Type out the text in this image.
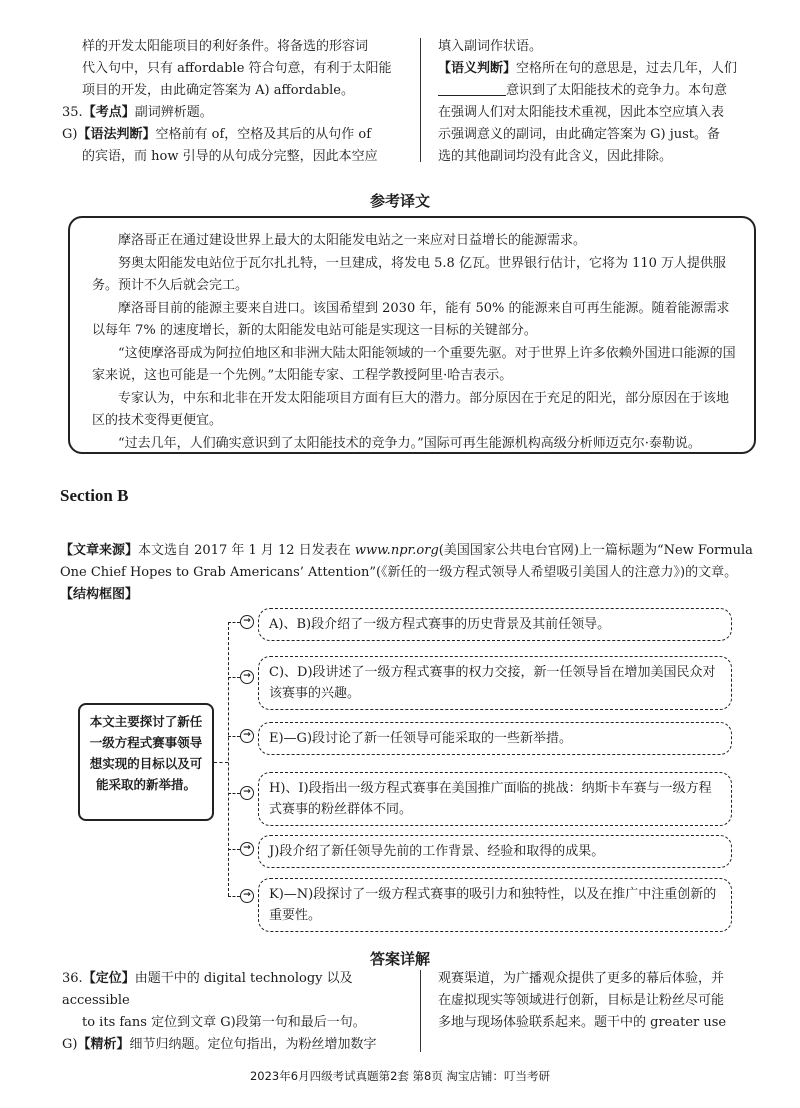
样的开发太阳能项目的利好条件。将备选的形容词
代入句中，只有 affordable 符合句意，有利于太阳能
项目的开发，由此确定答案为 A) affordable。
35.【考点】副词辨析题。
G)【语法判断】空格前有 of，空格及其后的从句作 of
的宾语，而 how 引导的从句成分完整，因此本空应
填入副词作状语。
【语义判断】空格所在句的意思是，过去几年，人们
意识到了太阳能技术的竞争力。本句意
在强调人们对太阳能技术重视，因此本空应填入表
示强调意义的副词，由此确定答案为 G) just。备
选的其他副词均没有此含义，因此排除。
参考译文

摩洛哥正在通过建设世界上最大的太阳能发电站之一来应对日益增长的能源需求。

努奥太阳能发电站位于瓦尔扎扎特，一旦建成，将发电 5.8 亿瓦。世界银行估计，它将为 110 万人提供服务。预计不久后就会完工。

摩洛哥目前的能源主要来自进口。该国希望到 2030 年，能有 50% 的能源来自可再生能源。随着能源需求以每年 7% 的速度增长，新的太阳能发电站可能是实现这一目标的关键部分。

“这使摩洛哥成为阿拉伯地区和非洲大陆太阳能领域的一个重要先驱。对于世界上许多依赖外国进口能源的国家来说，这也可能是一个先例。”太阳能专家、工程学教授阿里·哈吉表示。

专家认为，中东和北非在开发太阳能项目方面有巨大的潜力。部分原因在于充足的阳光，部分原因在于该地区的技术变得更便宜。

“过去几年，人们确实意识到了太阳能技术的竞争力。”国际可再生能源机构高级分析师迈克尔·泰勒说。

Section B
【文章来源】本文选自 2017 年 1 月 12 日发表在 www.npr.org(美国国家公共电台官网)上一篇标题为“New Formula One Chief Hopes to Grab Americans’ Attention”(《新任的一级方程式领导人希望吸引美国人的注意力》)的文章。
【结构框图】
本文主要探讨了新任一级方程式赛事领导想实现的目标以及可能采取的新举措。
→	A)、B)段介绍了一级方程式赛事的历史背景及其前任领导。
→	C)、D)段讲述了一级方程式赛事的权力交接，新一任领导旨在增加美国民众对该赛事的兴趣。
→	E)—G)段讨论了新一任领导可能采取的一些新举措。
→	H)、I)段指出一级方程式赛事在美国推广面临的挑战：纳斯卡车赛与一级方程式赛事的粉丝群体不同。
→	J)段介绍了新任领导先前的工作背景、经验和取得的成果。
→	K)—N)段探讨了一级方程式赛事的吸引力和独特性，以及在推广中注重创新的重要性。
答案详解
36.【定位】由题干中的 digital technology 以及 accessible
to its fans 定位到文章 G)段第一句和最后一句。
G)【精析】细节归纳题。定位句指出，为粉丝增加数字
观赛渠道，为广播观众提供了更多的幕后体验，并
在虚拟现实等领域进行创新，目标是让粉丝尽可能
多地与现场体验联系起来。题干中的 greater use
2023年6月四级考试真题第2套 第8页 淘宝店铺：叮当考研
